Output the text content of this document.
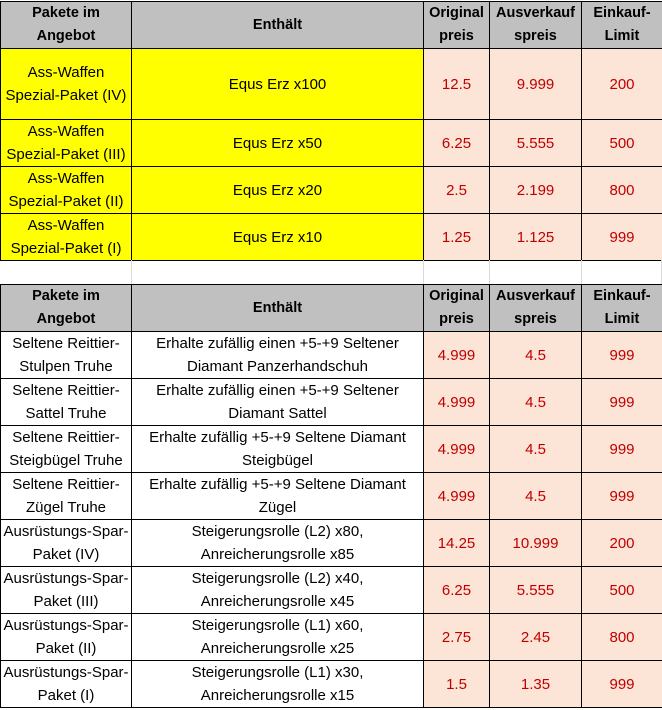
Pakete im Angebot	Enthält	Original preis	Ausverkauf spreis	Einkauf- Limit
Ass-Waffen Spezial-Paket (IV)	Equs Erz x100	12.5	9.999	200
Ass-Waffen Spezial-Paket (III)	Equs Erz x50	6.25	5.555	500
Ass-Waffen Spezial-Paket (II)	Equs Erz x20	2.5	2.199	800
Ass-Waffen Spezial-Paket (I)	Equs Erz x10	1.25	1.125	999
Pakete im Angebot	Enthält	Original preis	Ausverkauf spreis	Einkauf- Limit
Seltene Reittier-Stulpen Truhe	Erhalte zufällig einen +5-+9 Seltener Diamant Panzerhandschuh	4.999	4.5	999
Seltene Reittier-Sattel Truhe	Erhalte zufällig einen +5-+9 Seltener Diamant Sattel	4.999	4.5	999
Seltene Reittier-Steigbügel Truhe	Erhalte zufällig +5-+9 Seltene Diamant Steigbügel	4.999	4.5	999
Seltene Reittier-Zügel Truhe	Erhalte zufällig +5-+9 Seltene Diamant Zügel	4.999	4.5	999
Ausrüstungs-Spar-Paket (IV)	Steigerungsrolle (L2) x80, Anreicherungsrolle x85	14.25	10.999	200
Ausrüstungs-Spar-Paket (III)	Steigerungsrolle (L2) x40, Anreicherungsrolle x45	6.25	5.555	500
Ausrüstungs-Spar-Paket (II)	Steigerungsrolle (L1) x60, Anreicherungsrolle x25	2.75	2.45	800
Ausrüstungs-Spar-Paket (I)	Steigerungsrolle (L1) x30, Anreicherungsrolle x15	1.5	1.35	999
